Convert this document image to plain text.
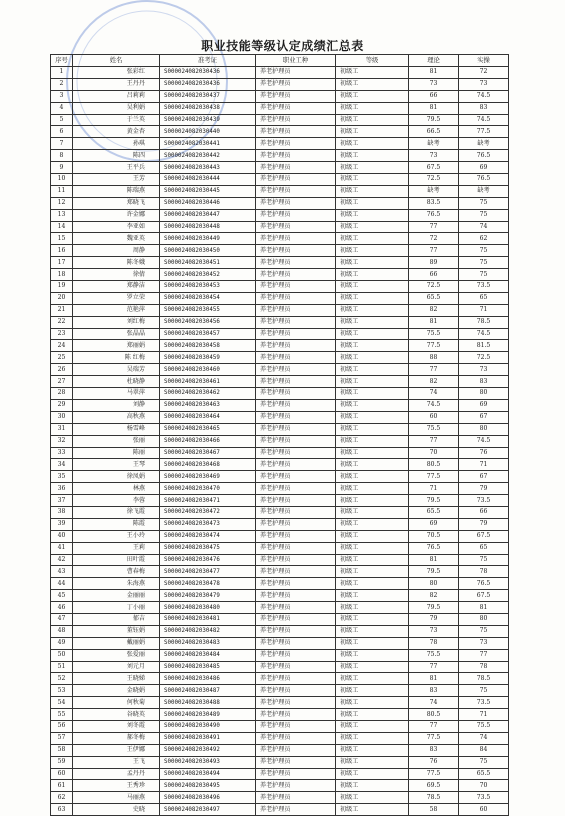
职业技能等级认定成绩汇总表
序号	姓名	准考证	职业工种	等级	理论	实操
1	张彩红	S000024082030436	养老护理员	初级工	81	72
2	王丹丹	S000024082030436	养老护理员	初级工	73	73
3	吕莉莉	S000024082030437	养老护理员	初级工	66	74.5
4	吴利娟	S000024082030438	养老护理员	初级工	81	83
5	于兰英	S000024082030439	养老护理员	初级工	79.5	74.5
6	黄金杏	S000024082030440	养老护理员	初级工	66.5	77.5
7	孙琪	S000024082030441	养老护理员	初级工	缺考	缺考
8	陈四	S000024082030442	养老护理员	初级工	73	76.5
9	王平兵	S000024082030443	养老护理员	初级工	67.5	69
10	王芳	S000024082030444	养老护理员	初级工	72.5	76.5
11	陈瑞燕	S000024082030445	养老护理员	初级工	缺考	缺考
12	郑晓飞	S000024082030446	养老护理员	初级工	83.5	75
13	许金娜	S000024082030447	养老护理员	初级工	76.5	75
14	李亚如	S000024082030448	养老护理员	初级工	77	74
15	魏亚英	S000024082030449	养老护理员	初级工	72	62
16	周静	S000024082030450	养老护理员	初级工	77	75
17	陈冬娥	S000024082030451	养老护理员	初级工	89	75
18	徐倩	S000024082030452	养老护理员	初级工	66	75
19	郑静洁	S000024082030453	养老护理员	初级工	72.5	73.5
20	罗立荣	S000024082030454	养老护理员	初级工	65.5	65
21	范艳萍	S000024082030455	养老护理员	初级工	82	71
22	刘红梅	S000024082030456	养老护理员	初级工	81	78.5
23	张晶晶	S000024082030457	养老护理员	初级工	75.5	74.5
24	郑丽娟	S000024082030458	养老护理员	初级工	77.5	81.5
25	陈 红梅	S000024082030459	养老护理员	初级工	88	72.5
26	吴瑞芳	S000024082030460	养老护理员	初级工	77	73
27	杜晓静	S000024082030461	养老护理员	初级工	82	83
28	马翠萍	S000024082030462	养老护理员	初级工	74	80
29	刘静	S000024082030463	养老护理员	初级工	74.5	69
30	高秋燕	S000024082030464	养老护理员	初级工	60	67
31	杨雪峰	S000024082030465	养老护理员	初级工	75.5	80
32	张丽	S000024082030466	养老护理员	初级工	77	74.5
33	陈丽	S000024082030467	养老护理员	初级工	70	76
34	王琴	S000024082030468	养老护理员	初级工	80.5	71
35	徐凤娟	S000024082030469	养老护理员	初级工	77.5	67
36	林燕	S000024082030470	养老护理员	初级工	71	79
37	李蓉	S000024082030471	养老护理员	初级工	79.5	73.5
38	徐飞霞	S000024082030472	养老护理员	初级工	65.5	66
39	陈霞	S000024082030473	养老护理员	初级工	69	79
40	王小玲	S000024082030474	养老护理员	初级工	70.5	67.5
41	王莉	S000024082030475	养老护理员	初级工	76.5	65
42	田叶霞	S000024082030476	养老护理员	初级工	81	75
43	曹春梅	S000024082030477	养老护理员	初级工	79.5	78
44	朱海燕	S000024082030478	养老护理员	初级工	80	76.5
45	金丽丽	S000024082030479	养老护理员	初级工	82	67.5
46	丁小丽	S000024082030480	养老护理员	初级工	79.5	81
47	郁吉	S000024082030481	养老护理员	初级工	79	80
48	董钰娟	S000024082030482	养老护理员	初级工	73	75
49	戴丽娟	S000024082030483	养老护理员	初级工	78	73
50	张爱丽	S000024082030484	养老护理员	初级工	75.5	77
51	刘元月	S000024082030485	养老护理员	初级工	77	78
52	王晓娣	S000024082030486	养老护理员	初级工	81	78.5
53	金晓娟	S000024082030487	养老护理员	初级工	83	75
54	何秋菊	S000024082030488	养老护理员	初级工	74	73.5
55	谷晓英	S000024082030489	养老护理员	初级工	80.5	71
56	刘冬霞	S000024082030490	养老护理员	初级工	77	75.5
57	郝冬梅	S000024082030491	养老护理员	初级工	77.5	74
58	王伊娜	S000024082030492	养老护理员	初级工	83	84
59	王飞	S000024082030493	养老护理员	初级工	76	75
60	孟丹丹	S000024082030494	养老护理员	初级工	77.5	65.5
61	王秀珍	S000024082030495	养老护理员	初级工	69.5	70
62	马丽燕	S000024082030496	养老护理员	初级工	78.5	73.5
63	史晓	S000024082030497	养老护理员	初级工	58	60
